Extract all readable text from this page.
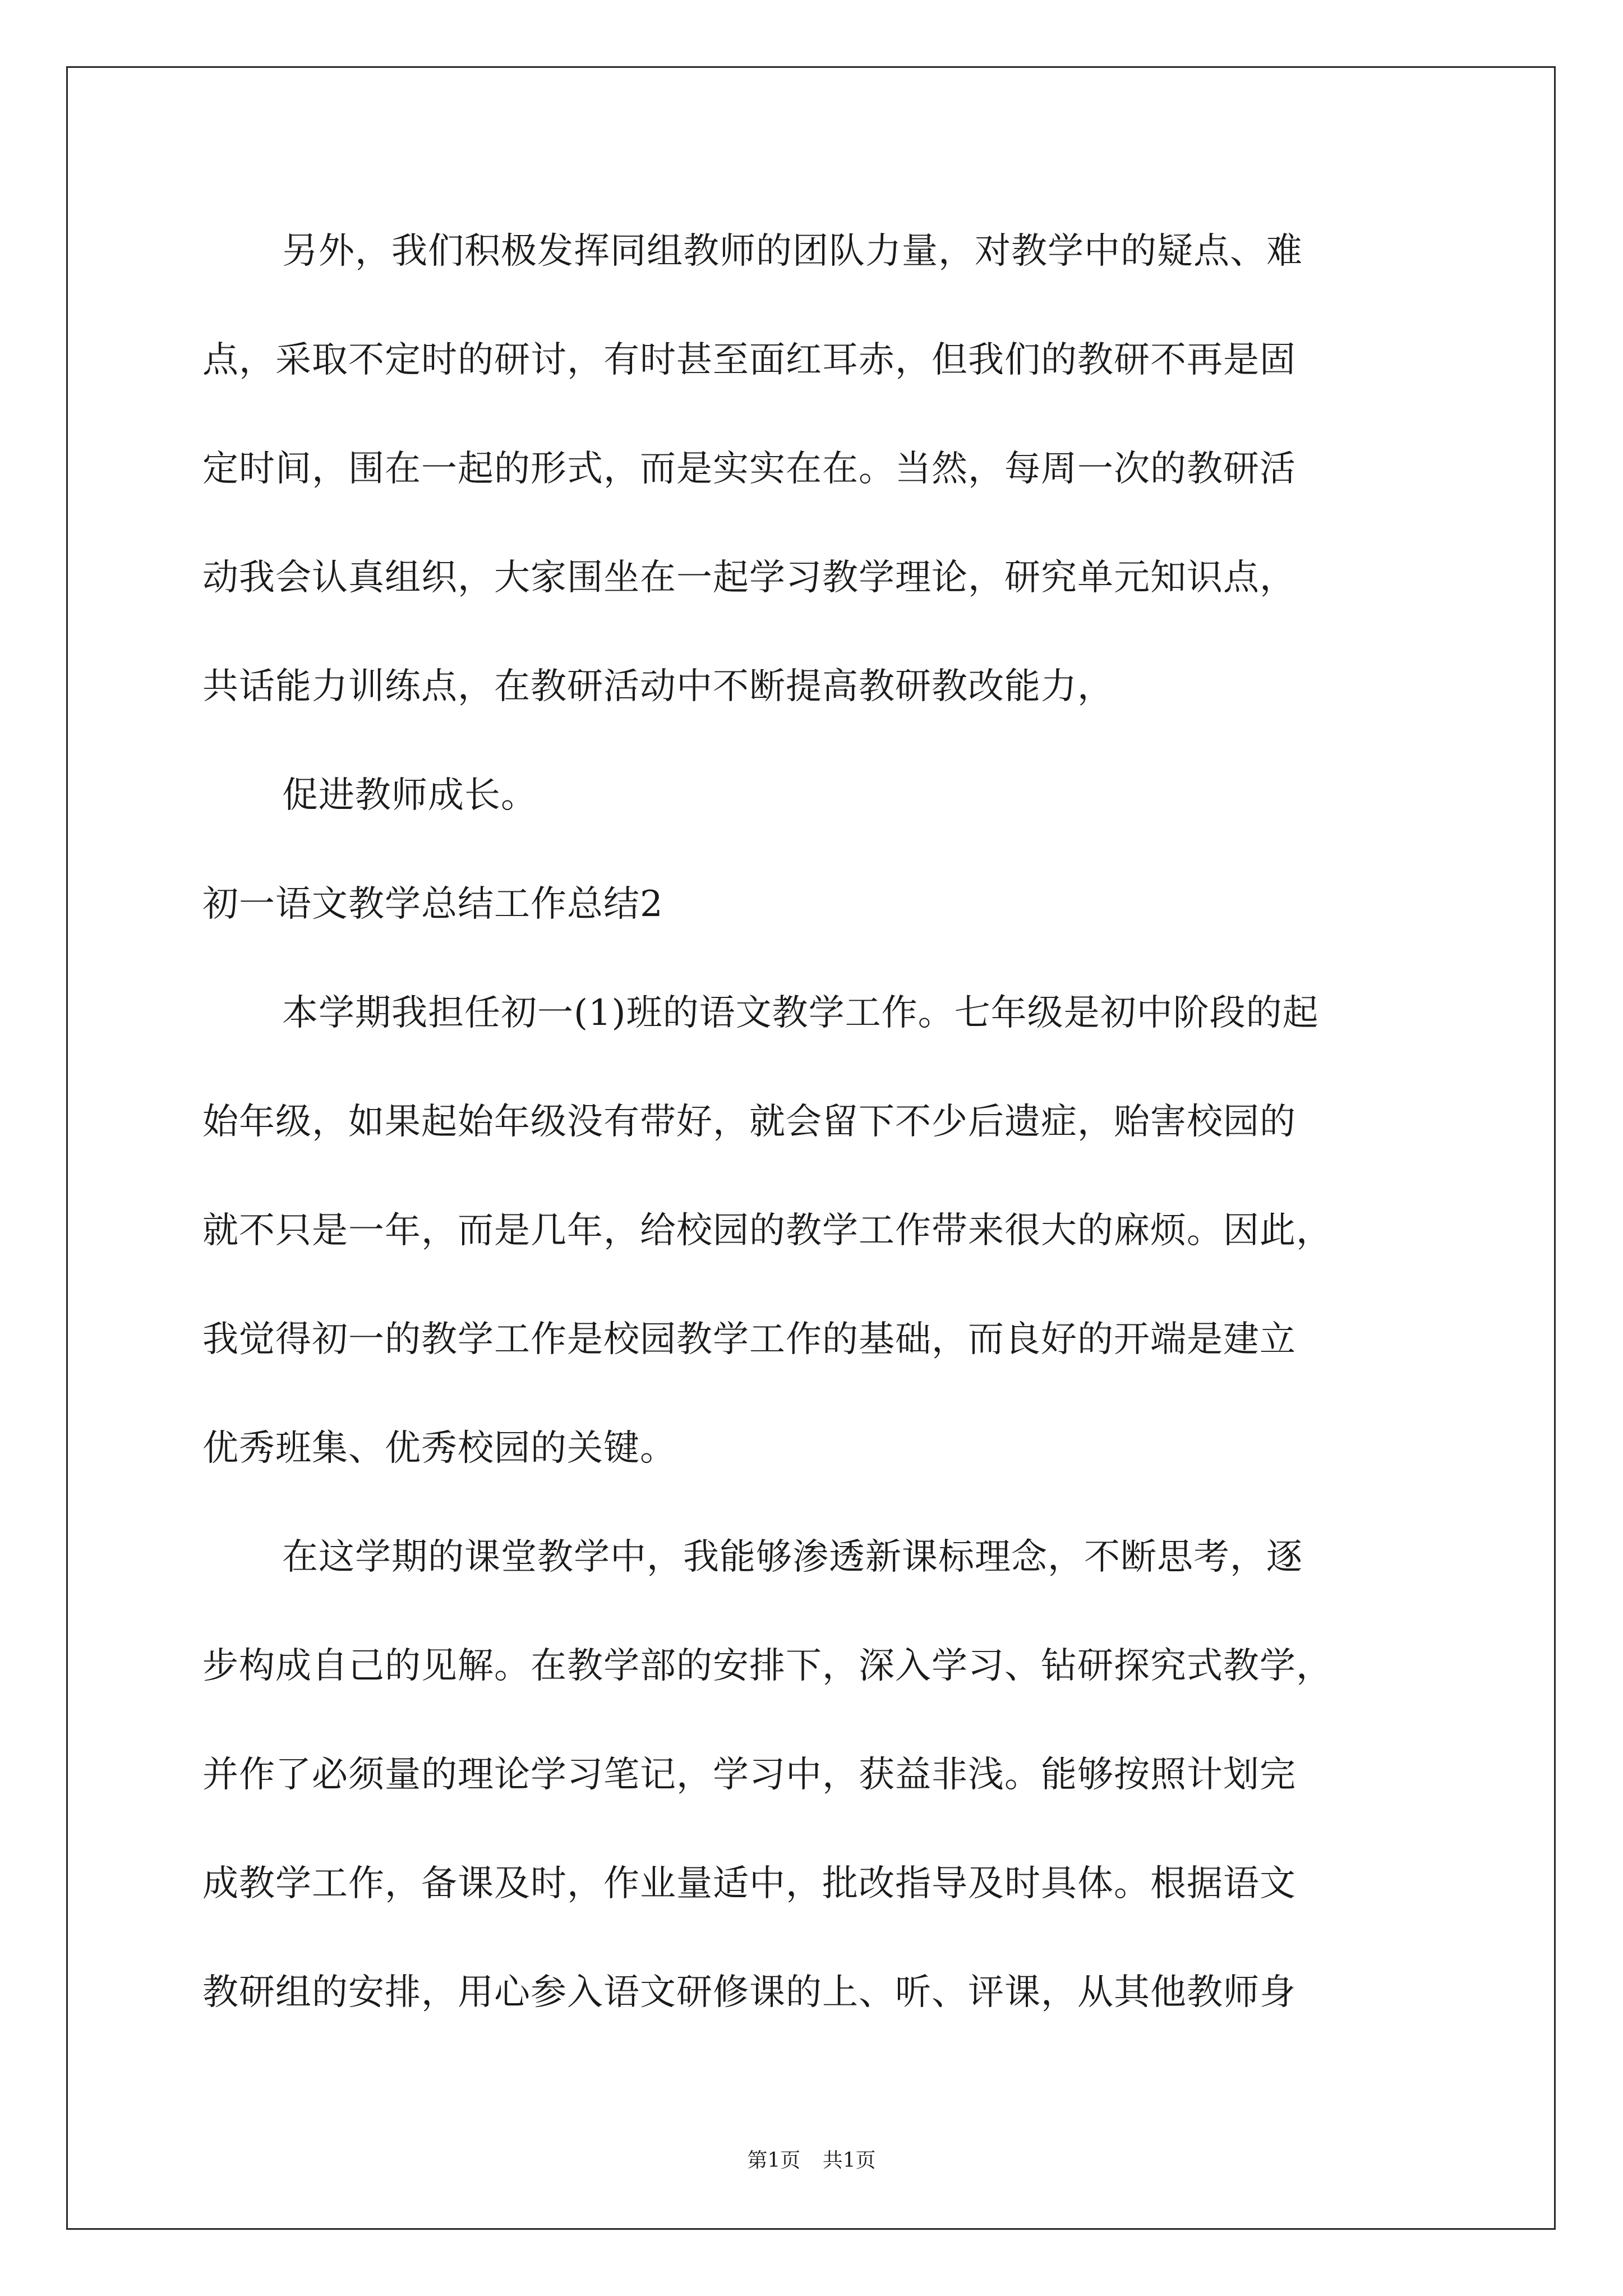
另外，我们积极发挥同组教师的团队力量，对教学中的疑点、难
点，采取不定时的研讨，有时甚至面红耳赤，但我们的教研不再是固
定时间，围在一起的形式，而是实实在在。当然，每周一次的教研活
动我会认真组织，大家围坐在一起学习教学理论，研究单元知识点，
共话能力训练点，在教研活动中不断提高教研教改能力，
促进教师成长。
初一语文教学总结工作总结2
本学期我担任初一(1)班的语文教学工作。七年级是初中阶段的起
始年级，如果起始年级没有带好，就会留下不少后遗症，贻害校园的
就不只是一年，而是几年，给校园的教学工作带来很大的麻烦。因此，
我觉得初一的教学工作是校园教学工作的基础，而良好的开端是建立
优秀班集、优秀校园的关键。
在这学期的课堂教学中，我能够渗透新课标理念，不断思考，逐
步构成自己的见解。在教学部的安排下，深入学习、钻研探究式教学，
并作了必须量的理论学习笔记，学习中，获益非浅。能够按照计划完
成教学工作，备课及时，作业量适中，批改指导及时具体。根据语文
教研组的安排，用心参入语文研修课的上、听、评课，从其他教师身
第1页 共1页
